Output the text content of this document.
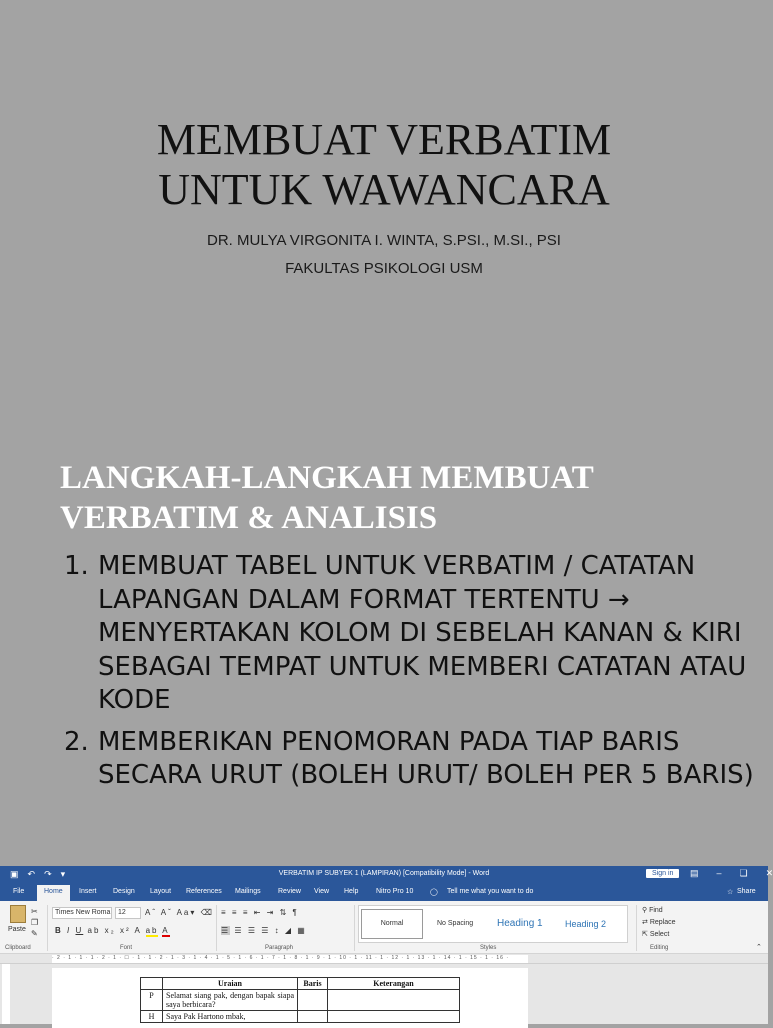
MEMBUAT VERBATIM
UNTUK WAWANCARA
DR. MULYA VIRGONITA I. WINTA, S.PSI., M.SI., PSI
FAKULTAS PSIKOLOGI USM
LANGKAH-LANGKAH MEMBUAT
VERBATIM & ANALISIS
1. MEMBUAT TABEL UNTUK VERBATIM / CATATAN LAPANGAN DALAM FORMAT TERTENTU → MENYERTAKAN KOLOM DI SEBELAH KANAN & KIRI SEBAGAI TEMPAT UNTUK MEMBERI CATATAN ATAU KODE
2. MEMBERIKAN PENOMORAN PADA TIAP BARIS SECARA URUT (BOLEH URUT/ BOLEH PER 5 BARIS)
▣ ↶ ↷ ▾	VERBATIM IP SUBYEK 1 (LAMPIRAN) [Compatibility Mode] - Word	Sign in	▤ – ❏ ✕
File	Home	Insert Design Layout References Mailings Review View Help	Nitro Pro 10 ◯ Tell me what you want to do	☆ Share
Paste
✂
❐
✎
Clipboard
Times New Roma	12	Aˆ Aˇ Aa▾ ⌫
B I U ab x₂ x² A ab A
Font
≡ ≡ ≡ ⇤ ⇥ ⇅ ¶
☰ ☰ ☰ ☰ ↕ ◢ ▦
Paragraph
Normal	No Spacing Heading 1 Heading 2
Styles
⚲ Find
⇄ Replace
⇱ Select
Editing	⌃
· 2 · 1 · 1 · 1 · 2 · 1 · ☐ · 1 · 1 · 2 · 1 · 3 · 1 · 4 · 1 · 5 · 1 · 6 · 1 · 7 · 1 · 8 · 1 · 9 · 1 · 10 · 1 · 11 · 1 · 12 · 1 · 13 · 1 · 14 · 1 · 15 · 1 · 16 ·
	Uraian	Baris	Keterangan
P	Selamat siang pak, dengan bapak siapa saya berbicara?		
H	Saya Pak Hartono mbak,		
